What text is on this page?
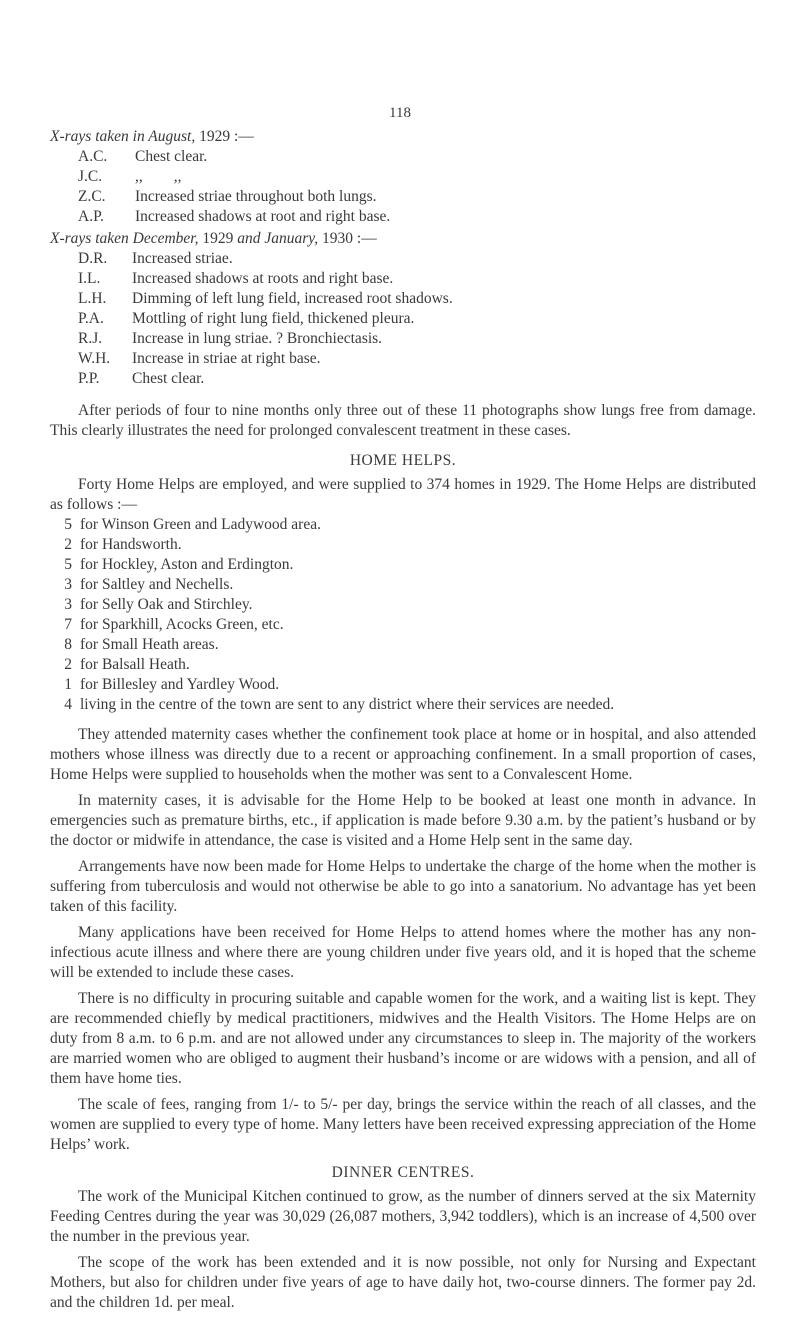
118
X-rays taken in August, 1929 :—
A.C.	Chest clear.
J.C.	,,        ,,
Z.C.	Increased striae throughout both lungs.
A.P.	Increased shadows at root and right base.
X-rays taken December, 1929 and January, 1930 :—
D.R.	Increased striae.
I.L.	Increased shadows at roots and right base.
L.H.	Dimming of left lung field, increased root shadows.
P.A.	Mottling of right lung field, thickened pleura.
R.J.	Increase in lung striae. ? Bronchiectasis.
W.H.	Increase in striae at right base.
P.P.	Chest clear.

After periods of four to nine months only three out of these 11 photographs show lungs free from damage. This clearly illustrates the need for prolonged convalescent treatment in these cases.

HOME HELPS.

Forty Home Helps are employed, and were supplied to 374 homes in 1929. The Home Helps are distributed as follows :—

5 for Winson Green and Ladywood area.
2 for Handsworth.
5 for Hockley, Aston and Erdington.
3 for Saltley and Nechells.
3 for Selly Oak and Stirchley.
7 for Sparkhill, Acocks Green, etc.
8 for Small Heath areas.
2 for Balsall Heath.
1 for Billesley and Yardley Wood.
4 living in the centre of the town are sent to any district where their services are needed.

They attended maternity cases whether the confinement took place at home or in hospital, and also attended mothers whose illness was directly due to a recent or approaching confinement. In a small proportion of cases, Home Helps were supplied to households when the mother was sent to a Convalescent Home.

In maternity cases, it is advisable for the Home Help to be booked at least one month in advance. In emergencies such as premature births, etc., if application is made before 9.30 a.m. by the patient’s husband or by the doctor or midwife in attendance, the case is visited and a Home Help sent in the same day.

Arrangements have now been made for Home Helps to undertake the charge of the home when the mother is suffering from tuberculosis and would not otherwise be able to go into a sanatorium. No advantage has yet been taken of this facility.

Many applications have been received for Home Helps to attend homes where the mother has any non-infectious acute illness and where there are young children under five years old, and it is hoped that the scheme will be extended to include these cases.

There is no difficulty in procuring suitable and capable women for the work, and a waiting list is kept. They are recommended chiefly by medical practitioners, midwives and the Health Visitors. The Home Helps are on duty from 8 a.m. to 6 p.m. and are not allowed under any circumstances to sleep in. The majority of the workers are married women who are obliged to augment their husband’s income or are widows with a pension, and all of them have home ties.

The scale of fees, ranging from 1/- to 5/- per day, brings the service within the reach of all classes, and the women are supplied to every type of home. Many letters have been received expressing appreciation of the Home Helps’ work.

DINNER CENTRES.

The work of the Municipal Kitchen continued to grow, as the number of dinners served at the six Maternity Feeding Centres during the year was 30,029 (26,087 mothers, 3,942 toddlers), which is an increase of 4,500 over the number in the previous year.

The scope of the work has been extended and it is now possible, not only for Nursing and Expectant Mothers, but also for children under five years of age to have daily hot, two-course dinners. The former pay 2d. and the children 1d. per meal.
